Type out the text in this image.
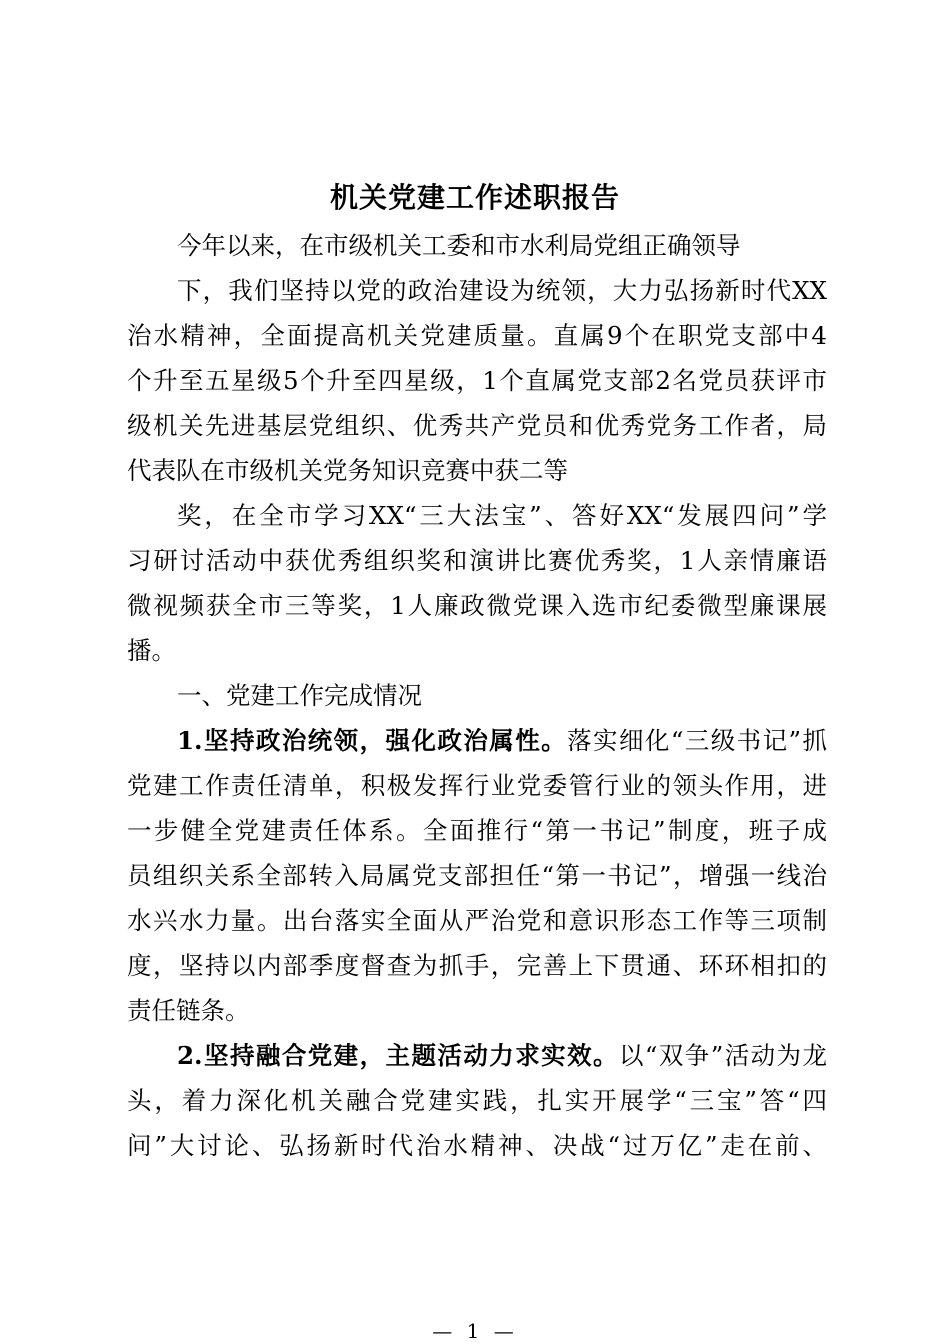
机关党建工作述职报告
今年以来，在市级机关工委和市水利局党组正确领导
下，我们坚持以党的政治建设为统领，大力弘扬新时代XX
治水精神，全面提高机关党建质量。直属9个在职党支部中4
个升至五星级5个升至四星级，1个直属党支部2名党员获评市
级机关先进基层党组织、优秀共产党员和优秀党务工作者，局
代表队在市级机关党务知识竞赛中获二等
奖，在全市学习XX“三大法宝”、答好XX“发展四问”学
习研讨活动中获优秀组织奖和演讲比赛优秀奖，1人亲情廉语
微视频获全市三等奖，1人廉政微党课入选市纪委微型廉课展
播。
一、党建工作完成情况
1.坚持政治统领，强化政治属性。落实细化“三级书记”抓
党建工作责任清单，积极发挥行业党委管行业的领头作用，进
一步健全党建责任体系。全面推行“第一书记”制度，班子成
员组织关系全部转入局属党支部担任“第一书记”，增强一线治
水兴水力量。出台落实全面从严治党和意识形态工作等三项制
度，坚持以内部季度督查为抓手，完善上下贯通、环环相扣的
责任链条。
2.坚持融合党建，主题活动力求实效。以“双争”活动为龙
头，着力深化机关融合党建实践，扎实开展学“三宝”答“四
问”大讨论、弘扬新时代治水精神、决战“过万亿”走在前、
— 1 —
